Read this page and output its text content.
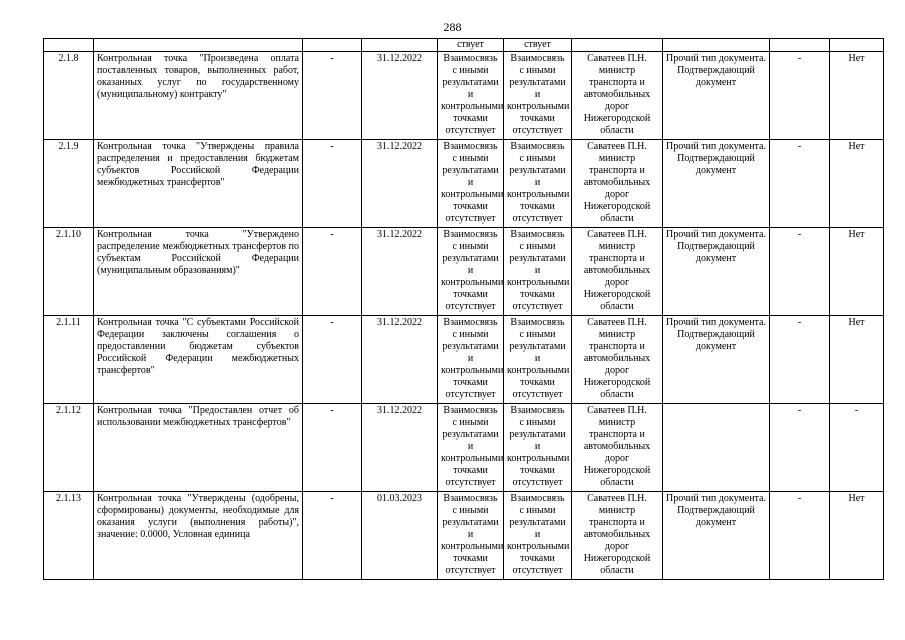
288
				ствует	ствует				
2.1.8	Контрольная точка "Произведена оплата поставленных товаров, выполненных работ, оказанных услуг по государственному (муниципальному) контракту"	-	31.12.2022	Взаимосвязь с иными результатами и контрольными точками отсутствует	Взаимосвязь с иными результатами и контрольными точками отсутствует	Саватеев П.Н. министр транспорта и автомобильных дорог Нижегородской области	Прочий тип документа. Подтверждающий документ	-	Нет
2.1.9	Контрольная точка "Утверждены правила распределения и предоставления бюджетам субъектов Российской Федерации межбюджетных трансфертов"	-	31.12.2022	Взаимосвязь с иными результатами и контрольными точками отсутствует	Взаимосвязь с иными результатами и контрольными точками отсутствует	Саватеев П.Н. министр транспорта и автомобильных дорог Нижегородской области	Прочий тип документа. Подтверждающий документ	-	Нет
2.1.10	Контрольная точка "Утверждено распределение межбюджетных трансфертов по субъектам Российской Федерации (муниципальным образованиям)"	-	31.12.2022	Взаимосвязь с иными результатами и контрольными точками отсутствует	Взаимосвязь с иными результатами и контрольными точками отсутствует	Саватеев П.Н. министр транспорта и автомобильных дорог Нижегородской области	Прочий тип документа. Подтверждающий документ	-	Нет
2.1.11	Контрольная точка "С субъектами Российской Федерации заключены соглашения о предоставлении бюджетам субъектов Российской Федерации межбюджетных трансфертов"	-	31.12.2022	Взаимосвязь с иными результатами и контрольными точками отсутствует	Взаимосвязь с иными результатами и контрольными точками отсутствует	Саватеев П.Н. министр транспорта и автомобильных дорог Нижегородской области	Прочий тип документа. Подтверждающий документ	-	Нет
2.1.12	Контрольная точка "Предоставлен отчет об использовании межбюджетных трансфертов"	-	31.12.2022	Взаимосвязь с иными результатами и контрольными точками отсутствует	Взаимосвязь с иными результатами и контрольными точками отсутствует	Саватеев П.Н. министр транспорта и автомобильных дорог Нижегородской области		-	-
2.1.13	Контрольная точка "Утверждены (одобрены, сформированы) документы, необходимые для оказания услуги (выполнения работы)", значение: 0.0000, Условная единица	-	01.03.2023	Взаимосвязь с иными результатами и контрольными точками отсутствует	Взаимосвязь с иными результатами и контрольными точками отсутствует	Саватеев П.Н. министр транспорта и автомобильных дорог Нижегородской области	Прочий тип документа. Подтверждающий документ	-	Нет
